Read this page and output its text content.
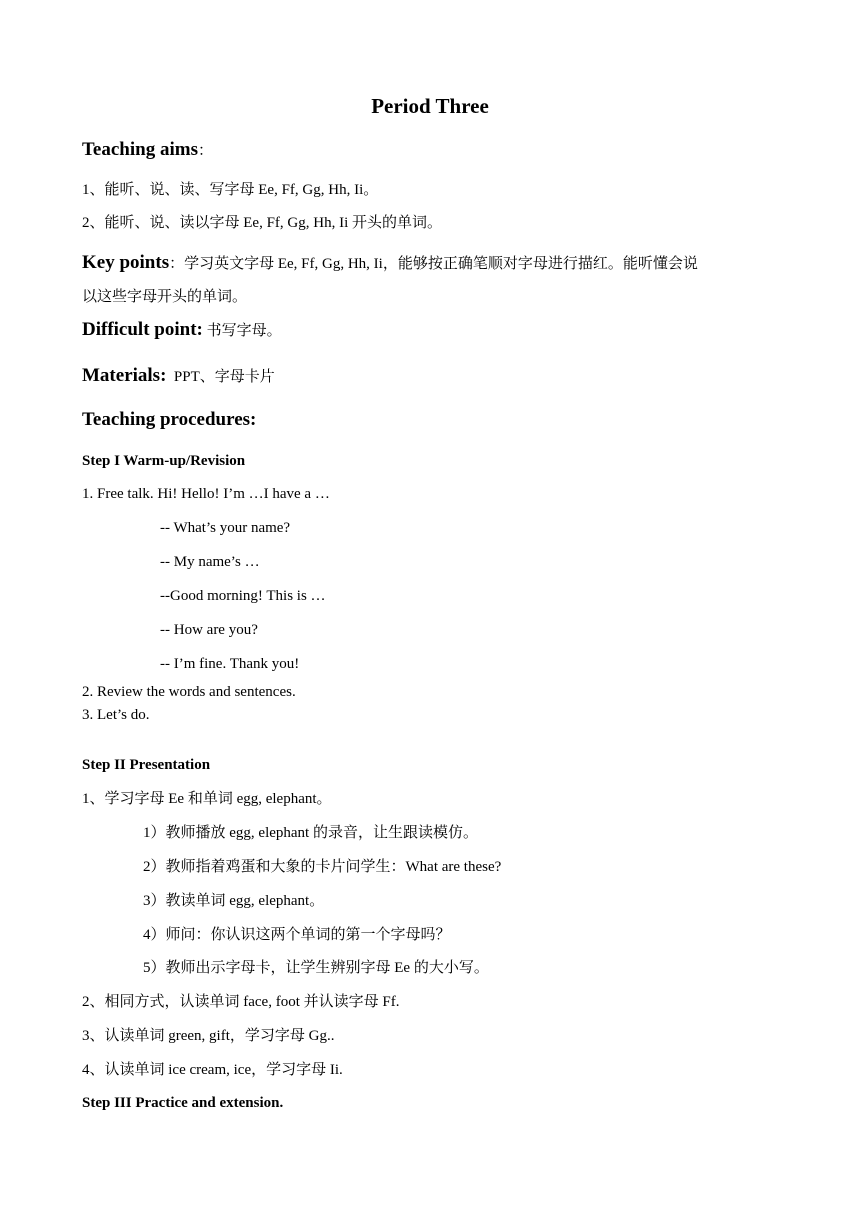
Period Three
Teaching aims：
1、能听、说、读、写字母 Ee, Ff, Gg, Hh, Ii。
2、能听、说、读以字母 Ee, Ff, Gg, Hh, Ii 开头的单词。
Key points：学习英文字母 Ee, Ff, Gg, Hh, Ii，能够按正确笔顺对字母进行描红。能听懂会说
以这些字母开头的单词。
Difficult point: 书写字母。
Materials: PPT、字母卡片
Teaching procedures:
Step I Warm-up/Revision
1. Free talk. Hi! Hello! I’m …I have a …
-- What’s your name?
-- My name’s …
--Good morning! This is …
-- How are you?
-- I’m fine. Thank you!
2. Review the words and sentences.
3. Let’s do.
Step II Presentation
1、学习字母 Ee 和单词 egg, elephant。
1）教师播放 egg, elephant 的录音，让生跟读模仿。
2）教师指着鸡蛋和大象的卡片问学生：What are these?
3）教读单词 egg, elephant。
4）师问：你认识这两个单词的第一个字母吗？
5）教师出示字母卡，让学生辨别字母 Ee 的大小写。
2、相同方式，认读单词 face, foot 并认读字母 Ff.
3、认读单词 green, gift，学习字母 Gg..
4、认读单词 ice cream, ice，学习字母 Ii.
Step III Practice and extension.
